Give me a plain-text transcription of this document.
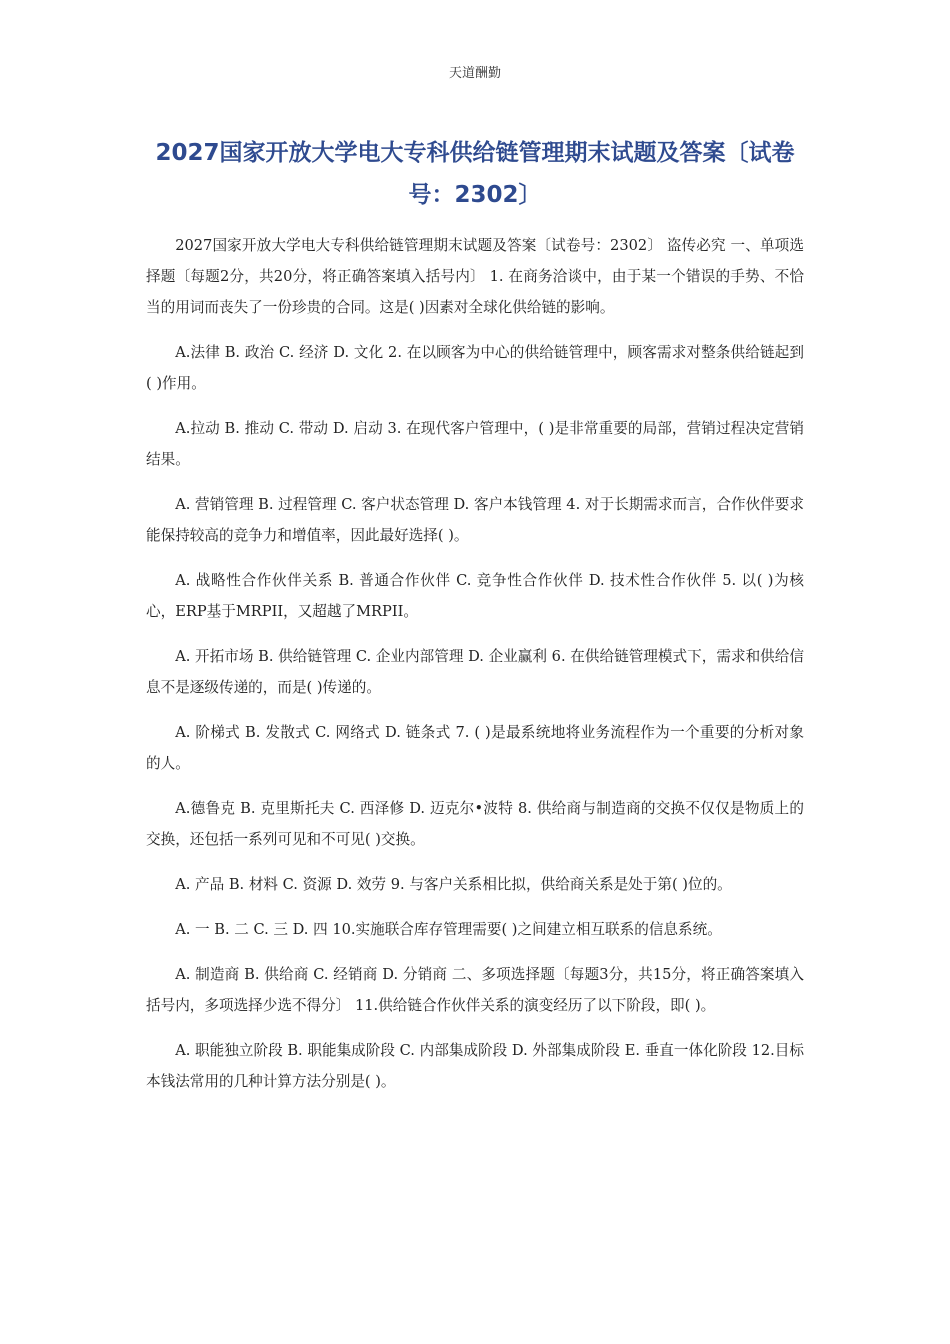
天道酬勤
2027国家开放大学电大专科供给链管理期末试题及答案〔试卷号：2302〕

2027国家开放大学电大专科供给链管理期末试题及答案〔试卷号：2302〕 盗传必究 一、单项选择题〔每题2分，共20分，将正确答案填入括号内〕 1. 在商务洽谈中，由于某一个错误的手势、不恰当的用词而丧失了一份珍贵的合同。这是( )因素对全球化供给链的影响。

A.法律 B. 政治 C. 经济 D. 文化 2. 在以顾客为中心的供给链管理中，顾客需求对整条供给链起到( )作用。

A.拉动 B. 推动 C. 带动 D. 启动 3. 在现代客户管理中，( )是非常重要的局部，营销过程决定营销结果。

A. 营销管理 B. 过程管理 C. 客户状态管理 D. 客户本钱管理 4. 对于长期需求而言，合作伙伴要求能保持较高的竞争力和增值率，因此最好选择( )。

A. 战略性合作伙伴关系 B. 普通合作伙伴 C. 竞争性合作伙伴 D. 技术性合作伙伴 5. 以( )为核心，ERP基于MRPII，又超越了MRPII。

A. 开拓市场 B. 供给链管理 C. 企业内部管理 D. 企业赢利 6. 在供给链管理模式下，需求和供给信息不是逐级传递的，而是( )传递的。

A. 阶梯式 B. 发散式 C. 网络式 D. 链条式 7. ( )是最系统地将业务流程作为一个重要的分析对象的人。

A.德鲁克 B. 克里斯托夫 C. 西泽修 D. 迈克尔•波特 8. 供给商与制造商的交换不仅仅是物质上的交换，还包括一系列可见和不可见( )交换。

A. 产品 B. 材料 C. 资源 D. 效劳 9. 与客户关系相比拟，供给商关系是处于第( )位的。

A. 一 B. 二 C. 三 D. 四 10.实施联合库存管理需要( )之间建立相互联系的信息系统。

A. 制造商 B. 供给商 C. 经销商 D. 分销商 二、多项选择题〔每题3分，共15分，将正确答案填入括号内，多项选择少选不得分〕 11.供给链合作伙伴关系的演变经历了以下阶段，即( )。

A. 职能独立阶段 B. 职能集成阶段 C. 内部集成阶段 D. 外部集成阶段 E. 垂直一体化阶段 12.目标本钱法常用的几种计算方法分别是( )。
